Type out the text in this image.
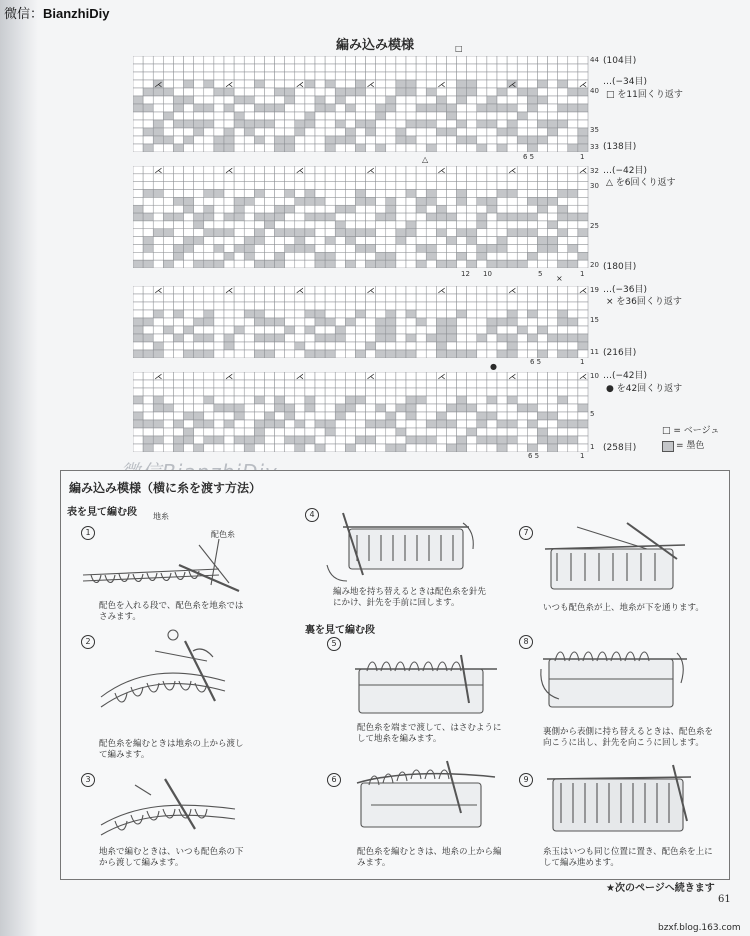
微信：BianzhiDiy
編み込み模様
⋌	⋌	⋌	⋌	⋌	⋌	⋌
44
40
35
33
6 5	1
□
(104目)
…(−34目)
□ を11回くり返す
(138目)
⋌	⋌	⋌	⋌	⋌	⋌	⋌ 32
30
25
20
12 10	5	1
△
…(−42目)
△ を6回くり返す
(180目)
⋌	⋌	⋌	⋌	⋌	⋌	⋌ 19
15
11
6 5	1
×
…(−36目)
× を36回くり返す
(216目)
⋌	⋌	⋌	⋌	⋌	⋌	⋌ 10
5
1
6 5	1
●
…(−42目)
● を42回くり返す
(258目)
□ = ベージュ
= 墨色
編み込み模様（横に糸を渡す方法）
表を見て編む段
裏を見て編む段
地糸
配色糸
1
2
3
4
5
6
7
8
9
配色を入れる段で、配色糸を地糸ではさみます。
配色糸を編むときは地糸の上から渡して編みます。
地糸で編むときは、いつも配色糸の下から渡して編みます。
編み地を持ち替えるときは配色糸を針先にかけ、針先を手前に回します。
配色糸を端まで渡して、はさむようにして地糸を編みます。
配色糸を編むときは、地糸の上から編みます。
いつも配色糸が上、地糸が下を通ります。
裏側から表側に持ち替えるときは、配色糸を向こうに出し、針先を向こうに回します。
糸玉はいつも同じ位置に置き、配色糸を上にして編み進めます。
★次のページへ続きます
61
bzxf.blog.163.com
